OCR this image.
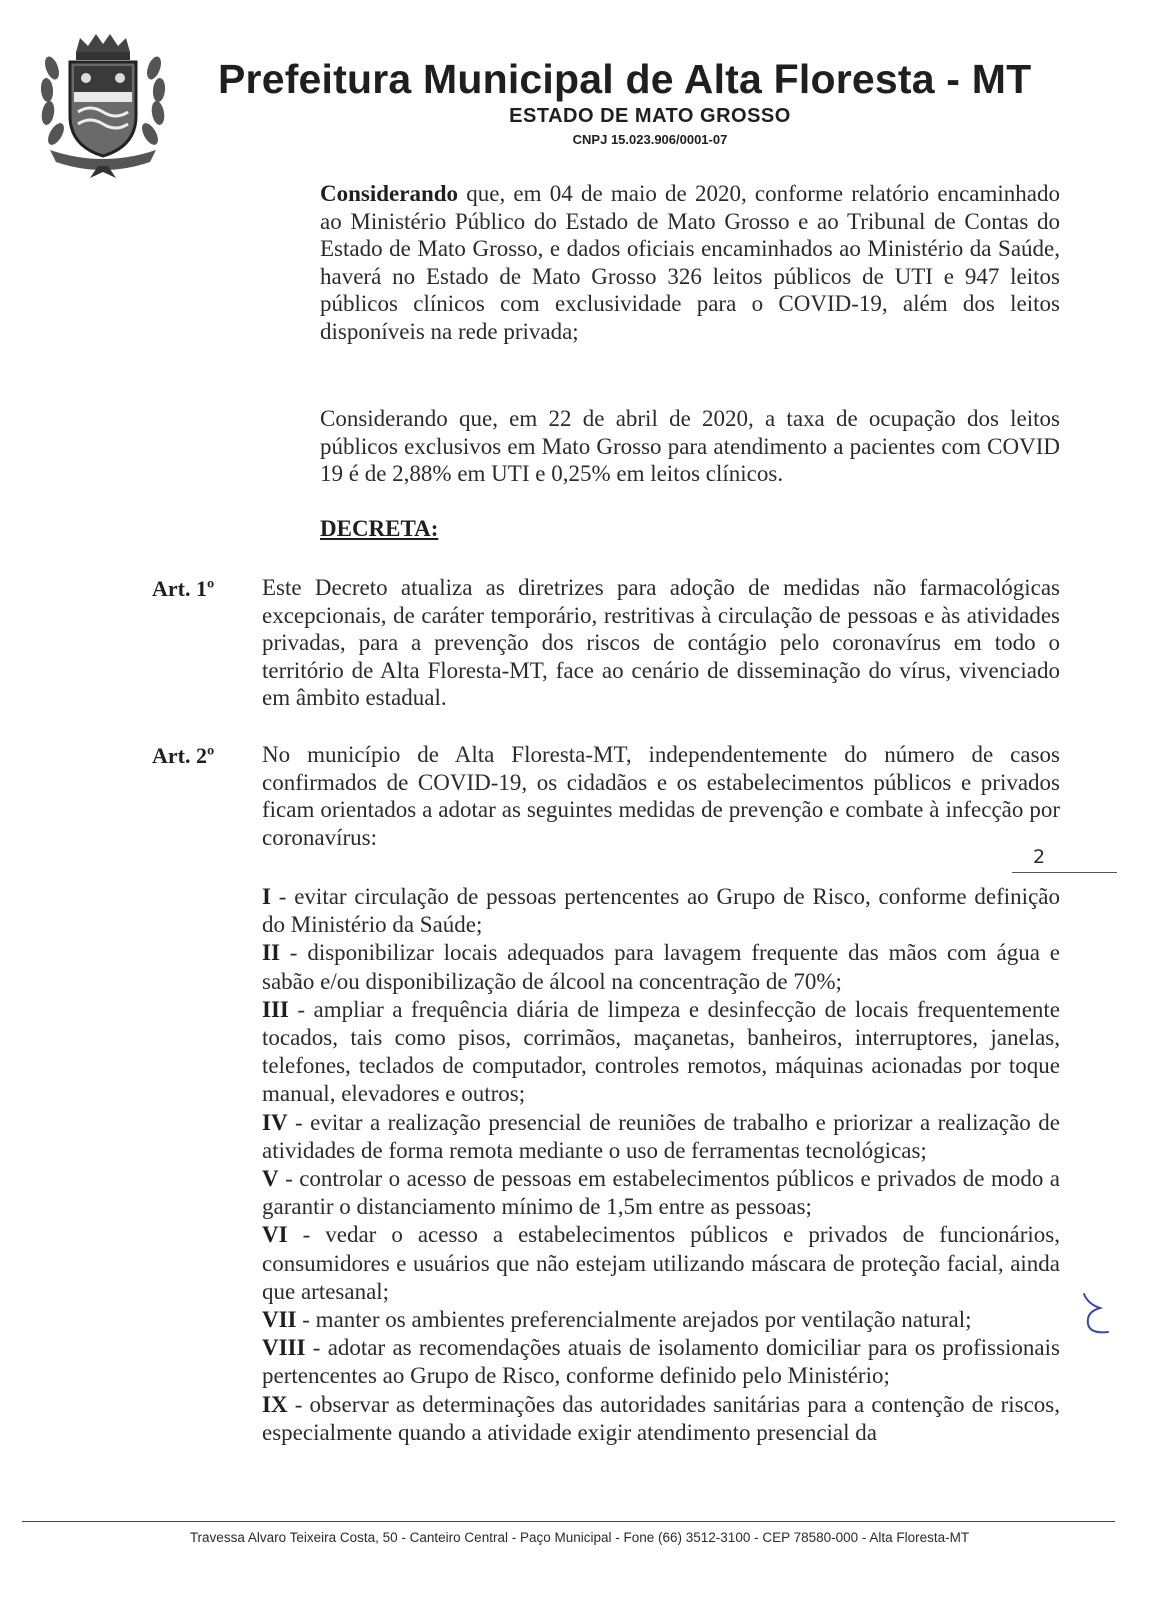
Prefeitura Municipal de Alta Floresta - MT
ESTADO DE MATO GROSSO
CNPJ 15.023.906/0001-07

Considerando que, em 04 de maio de 2020, conforme relatório encaminhado ao Ministério Público do Estado de Mato Grosso e ao Tribunal de Contas do Estado de Mato Grosso, e dados oficiais encaminhados ao Ministério da Saúde, haverá no Estado de Mato Grosso 326 leitos públicos de UTI e 947 leitos públicos clínicos com exclusividade para o COVID-19, além dos leitos disponíveis na rede privada;

Considerando que, em 22 de abril de 2020, a taxa de ocupação dos leitos públicos exclusivos em Mato Grosso para atendimento a pacientes com COVID 19 é de 2,88% em UTI e 0,25% em leitos clínicos.

DECRETA:

Art. 1º Este Decreto atualiza as diretrizes para adoção de medidas não farmacológicas excepcionais, de caráter temporário, restritivas à circulação de pessoas e às atividades privadas, para a prevenção dos riscos de contágio pelo coronavírus em todo o território de Alta Floresta-MT, face ao cenário de disseminação do vírus, vivenciado em âmbito estadual.

Art. 2º No município de Alta Floresta-MT, independentemente do número de casos confirmados de COVID-19, os cidadãos e os estabelecimentos públicos e privados ficam orientados a adotar as seguintes medidas de prevenção e combate à infecção por coronavírus:

2
I - evitar circulação de pessoas pertencentes ao Grupo de Risco, conforme definição do Ministério da Saúde;
II - disponibilizar locais adequados para lavagem frequente das mãos com água e sabão e/ou disponibilização de álcool na concentração de 70%;
III - ampliar a frequência diária de limpeza e desinfecção de locais frequentemente tocados, tais como pisos, corrimãos, maçanetas, banheiros, interruptores, janelas, telefones, teclados de computador, controles remotos, máquinas acionadas por toque manual, elevadores e outros;
IV - evitar a realização presencial de reuniões de trabalho e priorizar a realização de atividades de forma remota mediante o uso de ferramentas tecnológicas;
V - controlar o acesso de pessoas em estabelecimentos públicos e privados de modo a garantir o distanciamento mínimo de 1,5m entre as pessoas;
VI - vedar o acesso a estabelecimentos públicos e privados de funcionários, consumidores e usuários que não estejam utilizando máscara de proteção facial, ainda que artesanal;
VII - manter os ambientes preferencialmente arejados por ventilação natural;
VIII - adotar as recomendações atuais de isolamento domiciliar para os profissionais pertencentes ao Grupo de Risco, conforme definido pelo Ministério;
IX - observar as determinações das autoridades sanitárias para a contenção de riscos, especialmente quando a atividade exigir atendimento presencial da
Travessa Alvaro Teixeira Costa, 50 - Canteiro Central - Paço Municipal - Fone (66) 3512-3100 - CEP 78580-000 - Alta Floresta-MT
